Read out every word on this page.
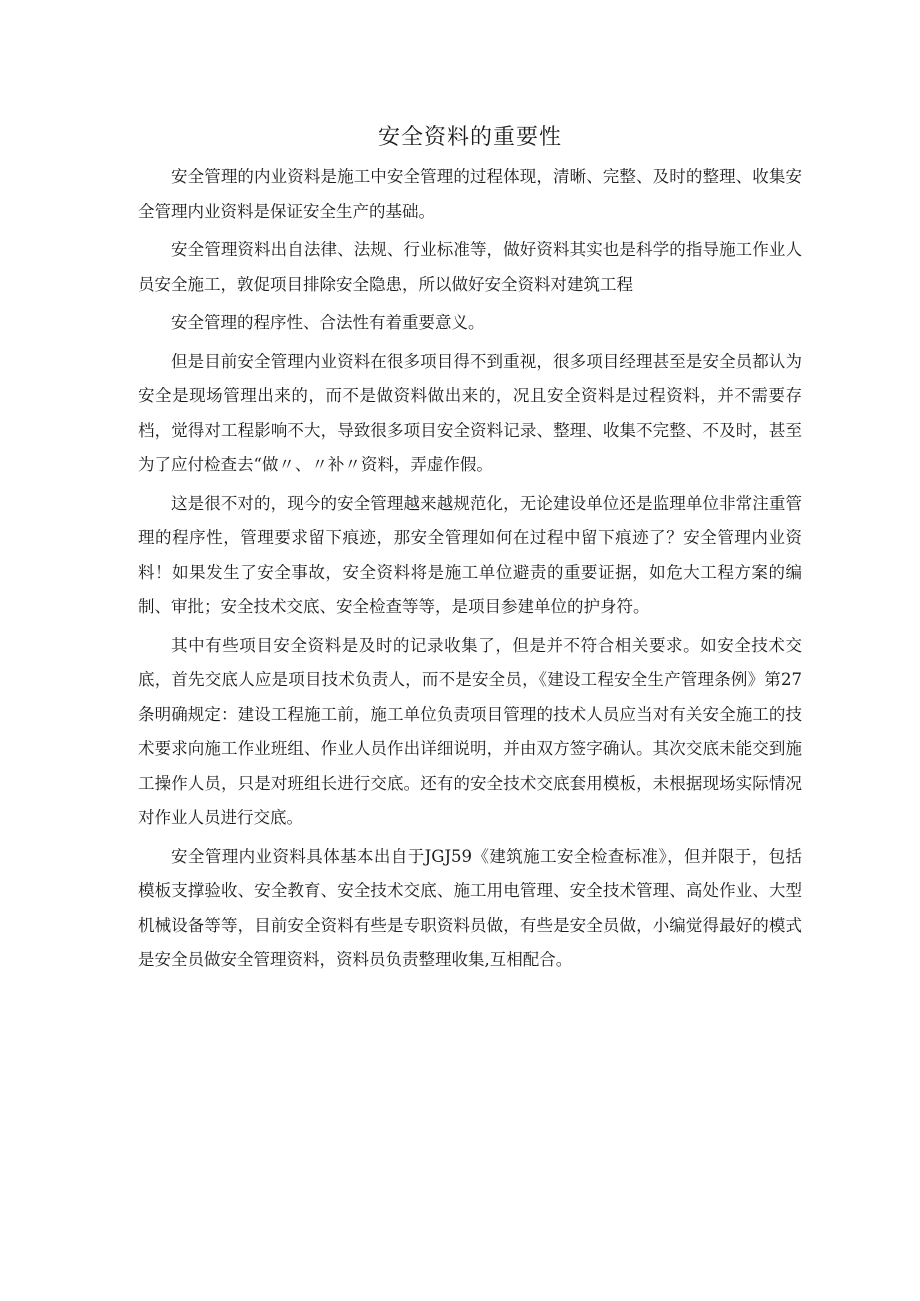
安全资料的重要性

安全管理的内业资料是施工中安全管理的过程体现，清晰、完整、及时的整理、收集安全管理内业资料是保证安全生产的基础。

安全管理资料出自法律、法规、行业标准等，做好资料其实也是科学的指导施工作业人员安全施工，敦促项目排除安全隐患，所以做好安全资料对建筑工程

安全管理的程序性、合法性有着重要意义。

但是目前安全管理内业资料在很多项目得不到重视，很多项目经理甚至是安全员都认为安全是现场管理出来的，而不是做资料做出来的，况且安全资料是过程资料，并不需要存档，觉得对工程影响不大，导致很多项目安全资料记录、整理、收集不完整、不及时，甚至为了应付检查去“做〃、〃补〃资料，弄虚作假。

这是很不对的，现今的安全管理越来越规范化，无论建设单位还是监理单位非常注重管理的程序性，管理要求留下痕迹，那安全管理如何在过程中留下痕迹了？安全管理内业资料！如果发生了安全事故，安全资料将是施工单位避责的重要证据，如危大工程方案的编制、审批；安全技术交底、安全检查等等，是项目参建单位的护身符。

其中有些项目安全资料是及时的记录收集了，但是并不符合相关要求。如安全技术交底，首先交底人应是项目技术负责人，而不是安全员，《建设工程安全生产管理条例》第27条明确规定：建设工程施工前，施工单位负责项目管理的技术人员应当对有关安全施工的技术要求向施工作业班组、作业人员作出详细说明，并由双方签字确认。其次交底未能交到施工操作人员，只是对班组长进行交底。还有的安全技术交底套用模板，未根据现场实际情况对作业人员进行交底。

安全管理内业资料具体基本出自于JGJ59《建筑施工安全检查标准》，但并限于，包括模板支撑验收、安全教育、安全技术交底、施工用电管理、安全技术管理、高处作业、大型机械设备等等，目前安全资料有些是专职资料员做，有些是安全员做，小编觉得最好的模式是安全员做安全管理资料，资料员负责整理收集,互相配合。
